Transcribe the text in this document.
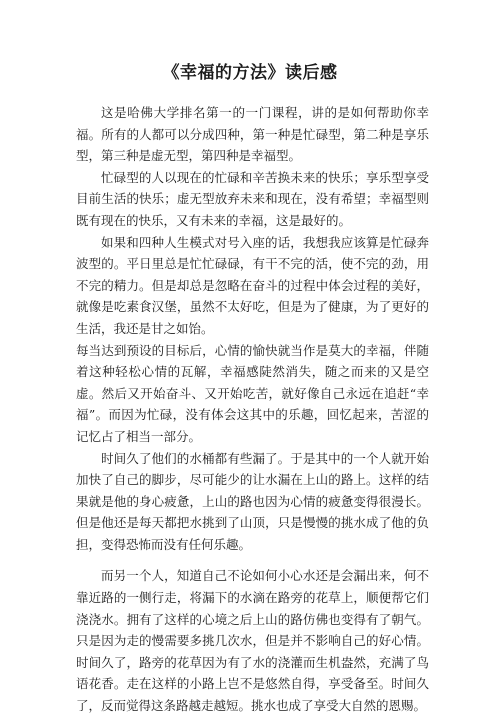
《幸福的方法》读后感

这是哈佛大学排名第一的一门课程，讲的是如何帮助你幸福。所有的人都可以分成四种，第一种是忙碌型，第二种是享乐型，第三种是虚无型，第四种是幸福型。

忙碌型的人以现在的忙碌和辛苦换未来的快乐；享乐型享受目前生活的快乐；虚无型放弃未来和现在，没有希望；幸福型则既有现在的快乐，又有未来的幸福，这是最好的。

如果和四种人生模式对号入座的话，我想我应该算是忙碌奔波型的。平日里总是忙忙碌碌，有干不完的活，使不完的劲，用不完的精力。但是却总是忽略在奋斗的过程中体会过程的美好，就像是吃素食汉堡，虽然不太好吃，但是为了健康，为了更好的生活，我还是甘之如饴。

每当达到预设的目标后，心情的愉快就当作是莫大的幸福，伴随着这种轻松心情的瓦解，幸福感陡然消失，随之而来的又是空虚。然后又开始奋斗、又开始吃苦，就好像自己永远在追赶“幸福”。而因为忙碌，没有体会这其中的乐趣，回忆起来，苦涩的记忆占了相当一部分。

时间久了他们的水桶都有些漏了。于是其中的一个人就开始加快了自己的脚步，尽可能少的让水漏在上山的路上。这样的结果就是他的身心疲惫，上山的路也因为心情的疲惫变得很漫长。但是他还是每天都把水挑到了山顶，只是慢慢的挑水成了他的负担，变得恐怖而没有任何乐趣。

而另一个人，知道自己不论如何小心水还是会漏出来，何不靠近路的一侧行走，将漏下的水滴在路旁的花草上，顺便帮它们浇浇水。拥有了这样的心境之后上山的路仿佛也变得有了朝气。只是因为走的慢需要多挑几次水，但是并不影响自己的好心情。时间久了，路旁的花草因为有了水的浇灌而生机盎然，充满了鸟语花香。走在这样的小路上岂不是悠然自得，享受备至。时间久了，反而觉得这条路越走越短。挑水也成了享受大自然的恩赐。
